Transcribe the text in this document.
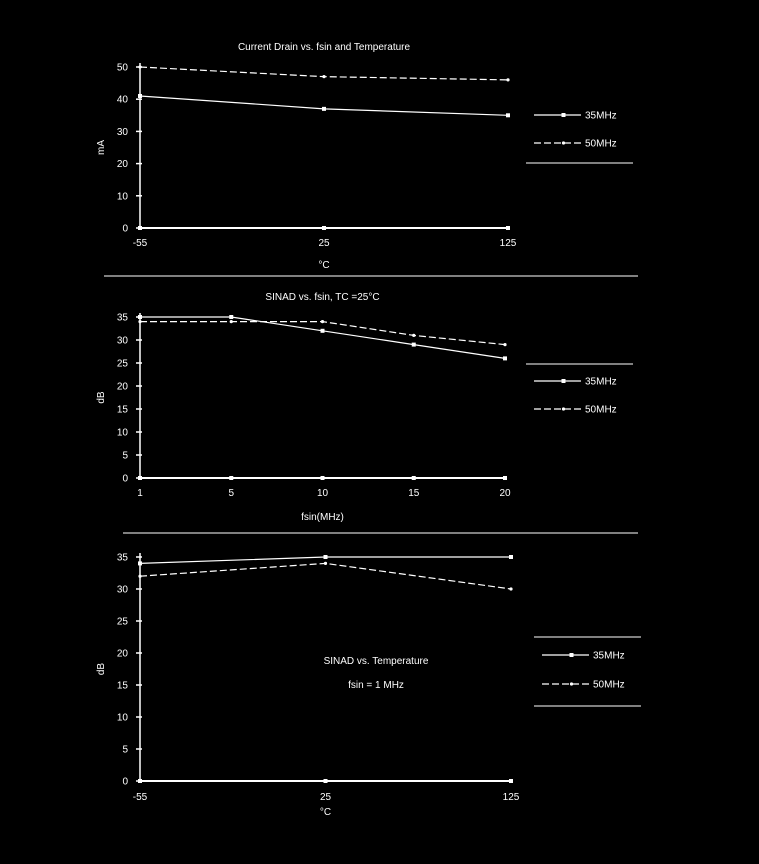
Current Drain vs. fsin and Temperature
0
10
20
30
40
50
-55	25	125
°C
mA
35MHz
50MHz
SINAD vs. fsin, TC =25°C
0
5
10
15
20
25
30
35
1	5	10	15	20
fsin(MHz)
dB
35MHz
50MHz
SINAD vs. Temperature
fsin = 1 MHz
0
5
10
15
20
25
30
35
-55	25	125
°C
dB
35MHz
50MHz
